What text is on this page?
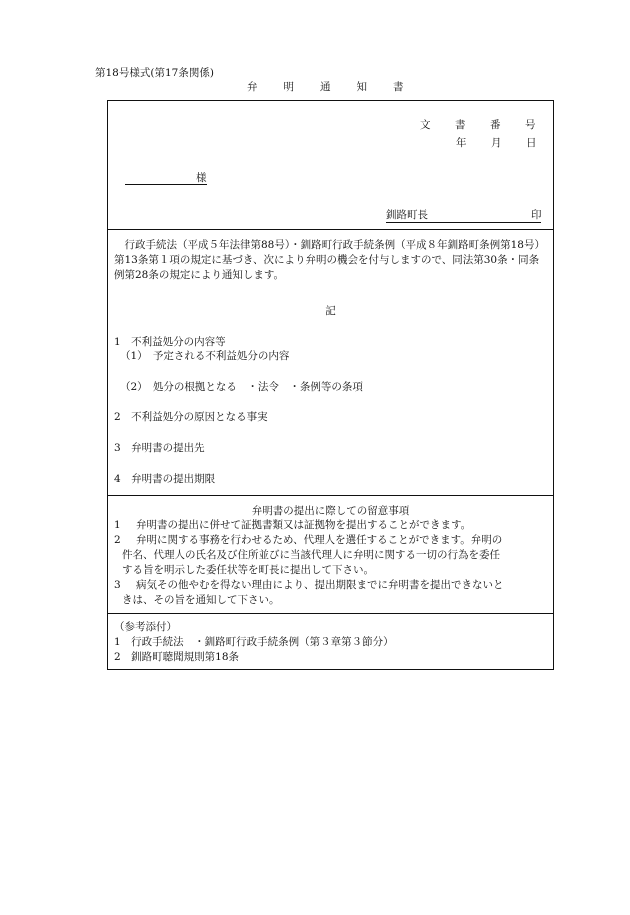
第18号様式(第17条関係)
弁明通知書
文 書 番 号
年 月 日
様
釧路町長	印
行政手続法（平成５年法律第88号）・釧路町行政手続条例（平成８年釧路町条例第18号）第13条第１項の規定に基づき、次により弁明の機会を付与しますので、同法第30条・同条例第28条の規定により通知します。
記
1　不利益処分の内容等
（1）　予定される不利益処分の内容
（2）　処分の根拠となる　・法令　・条例等の条項
2　不利益処分の原因となる事実
3　弁明書の提出先
4　弁明書の提出期限
弁明書の提出に際しての留意事項
1	弁明書の提出に併せて証拠書類又は証拠物を提出することができます。
2	弁明に関する事務を行わせるため、代理人を選任することができます。弁明の
件名、代理人の氏名及び住所並びに当該代理人に弁明に関する一切の行為を委任
する旨を明示した委任状等を町長に提出して下さい。
3	病気その他やむを得ない理由により、提出期限までに弁明書を提出できないと
きは、その旨を通知して下さい。
（参考添付）
1　行政手続法　・釧路町行政手続条例（第３章第３節分）
2　釧路町聴聞規則第18条
